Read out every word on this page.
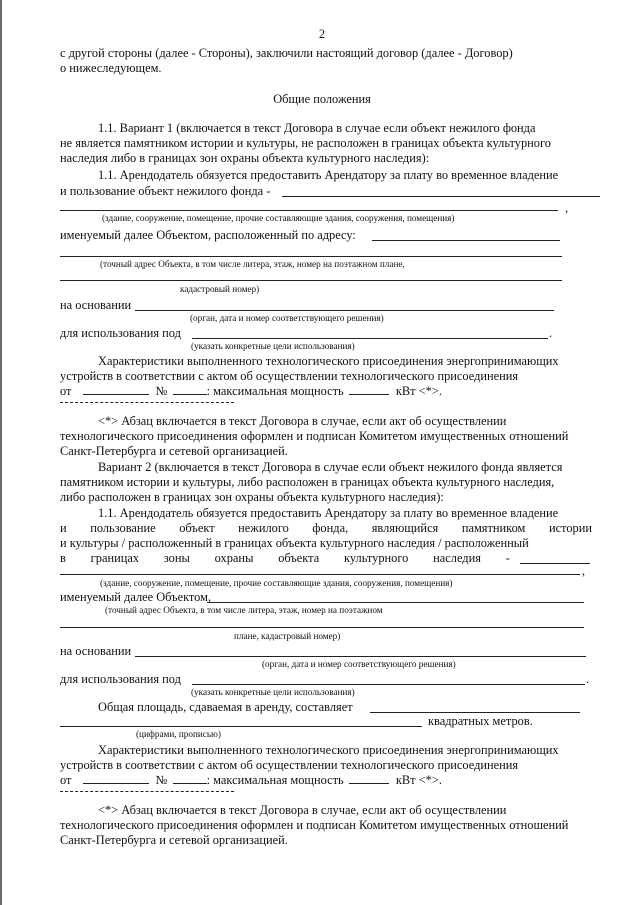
2
с другой стороны (далее - Стороны), заключили настоящий договор (далее - Договор)
о нижеследующем.
Общие положения
1.1. Вариант 1 (включается в текст Договора в случае если объект нежилого фонда
не является памятником истории и культуры, не расположен в границах объекта культурного
наследия либо в границах зон охраны объекта культурного наследия):
1.1. Арендодатель обязуется предоставить Арендатору за плату во временное владение
и пользование объект нежилого фонда -
,
(здание, сооружение, помещение, прочие составляющие здания, сооружения, помещения)
именуемый далее Объектом, расположенный по адресу:
(точный адрес Объекта, в том числе литера, этаж, номер на поэтажном плане,
кадастровый номер)
на основании
(орган, дата и номер соответствующего решения)
для использования под	.
(указать конкретные цели использования)
Характеристики выполненного технологического присоединения энергопринимающих
устройств в соответствии с актом об осуществлении технологического присоединения
от	№	: максимальная мощность	кВт <*>.
<*> Абзац включается в текст Договора в случае, если акт об осуществлении
технологического присоединения оформлен и подписан Комитетом имущественных отношений
Санкт-Петербурга и сетевой организацией.
Вариант 2 (включается в текст Договора в случае если объект нежилого фонда является
памятником истории и культуры, либо расположен в границах объекта культурного наследия,
либо расположен в границах зон охраны объекта культурного наследия):
1.1. Арендодатель обязуется предоставить Арендатору за плату во временное владение
и пользование объект нежилого фонда, являющийся памятником истории
и культуры / расположенный в границах объекта культурного наследия / расположенный
в границах зоны охраны объекта культурного наследия -
,
(здание, сооружение, помещение, прочие составляющие здания, сооружения, помещения)
именуемый далее Объектом,
(точный адрес Объекта, в том числе литера, этаж, номер на поэтажном
плане, кадастровый номер)
на основании
(орган, дата и номер соответствующего решения)
для использования под	.
(указать конкретные цели использования)
Общая площадь, сдаваемая в аренду, составляет
квадратных метров.
(цифрами, прописью)
Характеристики выполненного технологического присоединения энергопринимающих
устройств в соответствии с актом об осуществлении технологического присоединения
от	№	: максимальная мощность	кВт <*>.
<*> Абзац включается в текст Договора в случае, если акт об осуществлении
технологического присоединения оформлен и подписан Комитетом имущественных отношений
Санкт-Петербурга и сетевой организацией.
